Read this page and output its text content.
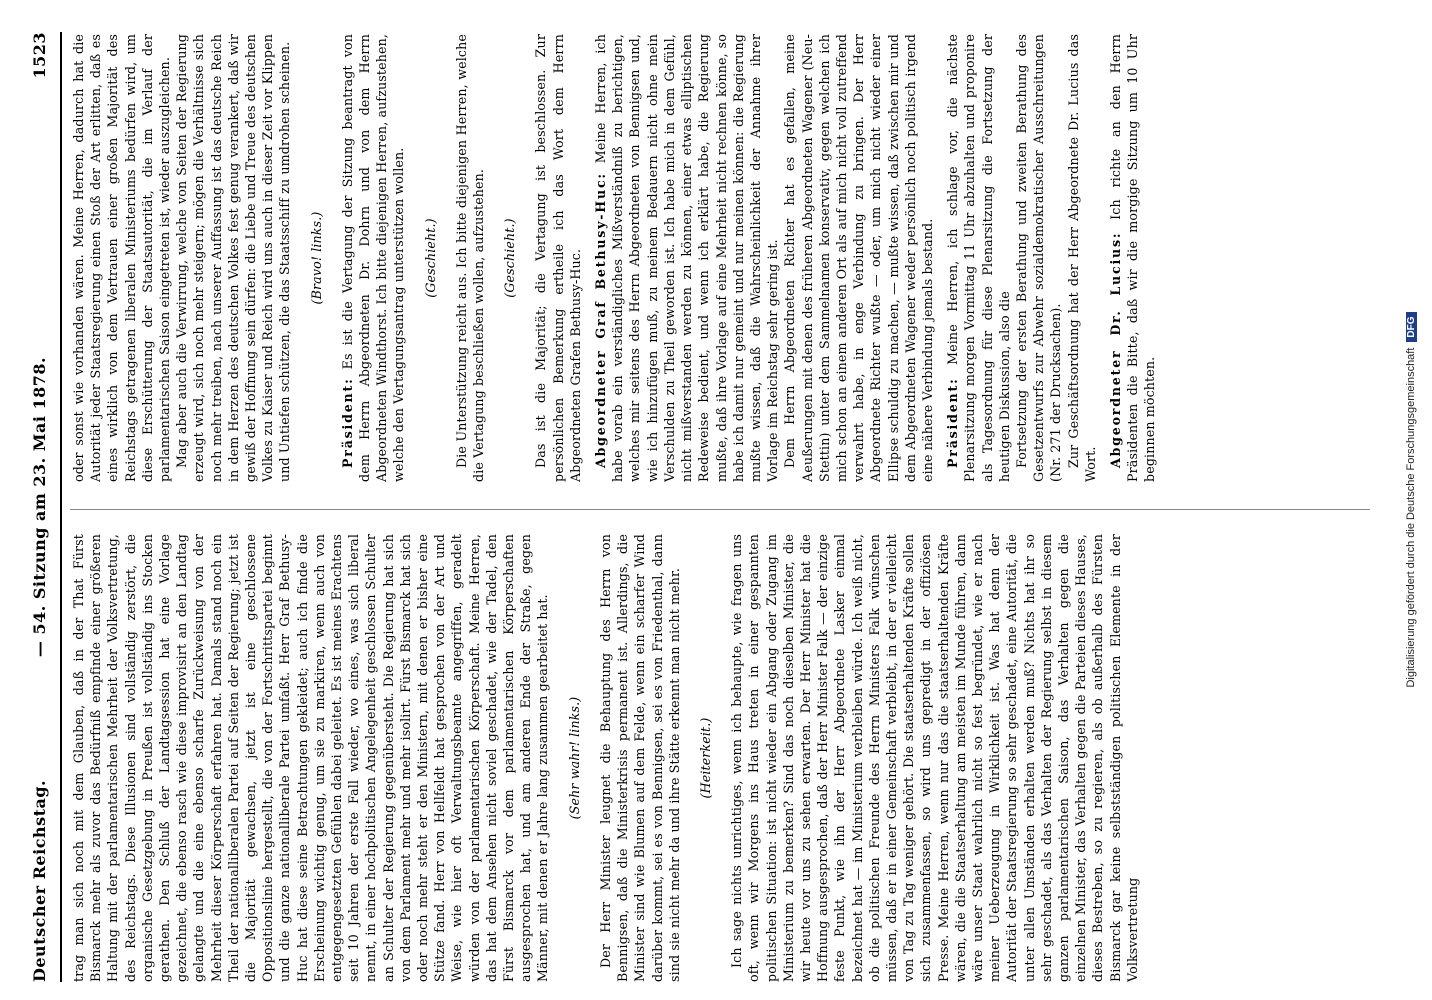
Deutscher Reichstag.
— 54. Sitzung am 23. Mai 1878.
1523

trag man sich noch mit dem Glauben, daß in der That Fürst Bismarck mehr als zuvor das Bedürfniß empfinde einer größeren Haltung mit der parlamentarischen Mehrheit der Volksvertretung, des Reichstags. Diese Illusionen sind vollständig zerstört, die organische Gesetzgebung in Preußen ist vollständig ins Stocken gerathen. Den Schluß der Landtagsession hat eine Vorlage gezeichnet, die ebenso rasch wie diese improvisirt an den Landtag gelangte und die eine ebenso scharfe Zurückweisung von der Mehrheit dieser Körperschaft erfahren hat. Damals stand noch ein Theil der nationalliberalen Partei auf Seiten der Regierung; jetzt ist die Majorität gewachsen, jetzt ist eine geschlossene Oppositionslinie hergestellt, die von der Fortschrittspartei beginnt und die ganze nationalliberale Partei umfaßt. Herr Graf Bethusy-Huc hat diese seine Betrachtungen gekleidet; auch ich finde die Erscheinung wichtig genug, um sie zu markiren, wenn auch von entgegengesetzten Gefühlen dabei geleitet. Es ist meines Erachtens seit 10 Jahren der erste Fall wieder, wo eines, was sich liberal nennt, in einer hochpolitischen Angelegenheit geschlossen Schulter an Schulter der Regierung gegenübersteht. Die Regierung hat sich von dem Parlament mehr und mehr isolirt. Fürst Bismarck hat sich oder noch mehr steht er den Ministern, mit denen er bisher eine Stütze fand. Herr von Hellfeldt hat gesprochen von der Art und Weise, wie hier oft Verwaltungsbeamte angegriffen, geradelt würden von der parlamentarischen Körperschaft. Meine Herren, das hat dem Ansehen nicht soviel geschadet, wie der Tadel, den Fürst Bismarck vor dem parlamentarischen Körperschaften ausgesprochen hat, und am anderen Ende der Straße, gegen Männer, mit denen er Jahre lang zusammen gearbeitet hat. (Sehr wahr! links.) Der Herr Minister leugnet die Behauptung des Herrn von Bennigsen, daß die Ministerkrisis permanent ist. Allerdings, die Minister sind wie Blumen auf dem Felde, wenn ein scharfer Wind darüber kommt, sei es von Bennigsen, sei es von Friedenthal, dann sind sie nicht mehr da und ihre Stätte erkennt man nicht mehr. (Heiterkeit.) Ich sage nichts unrichtiges, wenn ich behaupte, wie fragen uns oft, wenn wir Morgens ins Haus treten in einer gespannten politischen Situation: ist nicht wieder ein Abgang oder Zugang im Ministerium zu bemerken? Sind das noch dieselben Minister, die wir heute vor uns zu sehen erwarten. Der Herr Minister hat die Hoffnung ausgesprochen, daß der Herr Minister Falk — der einzige feste Punkt, wie ihn der Herr Abgeordnete Lasker einmal bezeichnet hat — im Ministerium verbleiben würde. Ich weiß nicht, ob die politischen Freunde des Herrn Ministers Falk wünschen müssen, daß er in einer Gemeinschaft verbleibt, in der er vielleicht von Tag zu Tag weniger gehört. Die staatserhaltenden Kräfte sollen sich zusammenfassen, so wird uns gepredigt in der offiziösen Presse. Meine Herren, wenn nur das die staatserhaltenden Kräfte wären, die die Staatserhaltung am meisten im Munde führen, dann wäre unser Staat wahrlich nicht so fest begründet, wie er nach meiner Ueberzeugung in Wirklichkeit ist. Was hat denn der Autorität der Staatsregierung so sehr geschadet, eine Autorität, die unter allen Umständen erhalten werden muß? Nichts hat ihr so sehr geschadet, als das Verhalten der Regierung selbst in diesem ganzen parlamentarischen Saison, das Verhalten gegen die einzelnen Minister, das Verhalten gegen die Parteien dieses Hauses, dieses Bestreben, so zu regieren, als ob außerhalb des Fürsten Bismarck gar keine selbstständigen politischen Elemente in der Volksvertretung

oder sonst wie vorhanden wären. Meine Herren, dadurch hat die Autorität jeder Staatsregierung einen Stoß der Art erlitten, daß es eines wirklich von dem Vertrauen einer großen Majorität des Reichstags getragenen liberalen Ministeriums bedürfen wird, um diese Erschütterung der Staatsautorität, die im Verlauf der parlamentarischen Saison eingetreten ist, wieder auszugleichen. Mag aber auch die Verwirrung, welche von Seiten der Regierung erzeugt wird, sich noch mehr steigern; mögen die Verhältnisse sich noch mehr treiben, nach unserer Auffassung ist das deutsche Reich in dem Herzen des deutschen Volkes fest genug verankert, daß wir gewiß der Hoffnung sein dürfen: die Liebe und Treue des deutschen Volkes zu Kaiser und Reich wird uns auch in dieser Zeit vor Klippen und Untiefen schützen, die das Staatsschiff zu umdrohen scheinen. (Bravo! links.)

Präsident: Es ist die Vertagung der Sitzung beantragt von dem Herrn Abgeordneten Dr. Dohrn und von dem Herrn Abgeordneten Windthorst. Ich bitte diejenigen Herren, aufzustehen, welche den Vertagungsantrag unterstützen wollen. (Geschieht.) Die Unterstützung reicht aus. Ich bitte diejenigen Herren, welche die Vertagung beschließen wollen, aufzustehen. (Geschieht.) Das ist die Majorität; die Vertagung ist beschlossen. Zur persönlichen Bemerkung ertheile ich das Wort dem Herrn Abgeordneten Grafen Bethusy-Huc. Abgeordneter Graf Bethusy-Huc: Meine Herren, ich habe vorab ein verständigliches Mißverständniß zu berichtigen, welches mir seitens des Herrn Abgeordneten von Bennigsen und, wie ich hinzufügen muß, zu meinem Bedauern nicht ohne mein Verschulden zu Theil geworden ist. Ich habe mich in dem Gefühl, nicht mißverstanden werden zu können, einer etwas elliptischen Redeweise bedient, und wenn ich erklärt habe, die Regierung mußte, daß ihre Vorlage auf eine Mehrheit nicht rechnen könne, so habe ich damit nur gemeint und nur meinen können: die Regierung mußte wissen, daß die Wahrscheinlichkeit der Annahme ihrer Vorlage im Reichstag sehr gering ist. Dem Herrn Abgeordneten Richter hat es gefallen, meine Aeußerungen mit denen des früheren Abgeordneten Wagener (Neu-Stettin) unter dem Sammelnamen konservativ, gegen welchen ich mich schon an einem anderen Ort als auf mich nicht voll zutreffend verwahrt habe, in enge Verbindung zu bringen. Der Herr Abgeordnete Richter wußte — oder, um mich nicht wieder einer Ellipse schuldig zu machen, — mußte wissen, daß zwischen mir und dem Abgeordneten Wagener weder persönlich noch politisch irgend eine nähere Verbindung jemals bestand. Präsident: Meine Herren, ich schlage vor, die nächste Plenarsitzung morgen Vormittag 11 Uhr abzuhalten und proponire als Tagesordnung für diese Plenarsitzung die Fortsetzung der heutigen Diskussion, also die Fortsetzung der ersten Berathung und zweiten Berathung des Gesetzentwurfs zur Abwehr sozialdemokratischer Ausschreitungen (Nr. 271 der Drucksachen). Zur Geschäftsordnung hat der Herr Abgeordnete Dr. Lucius das Wort. Abgeordneter Dr. Lucius: Ich richte an den Herrn Präsidenten die Bitte, daß wir die morgige Sitzung um 10 Uhr beginnen möchten.	Digitalisierung gefördert durch die Deutsche ForschungsgemeinschaftDFG
